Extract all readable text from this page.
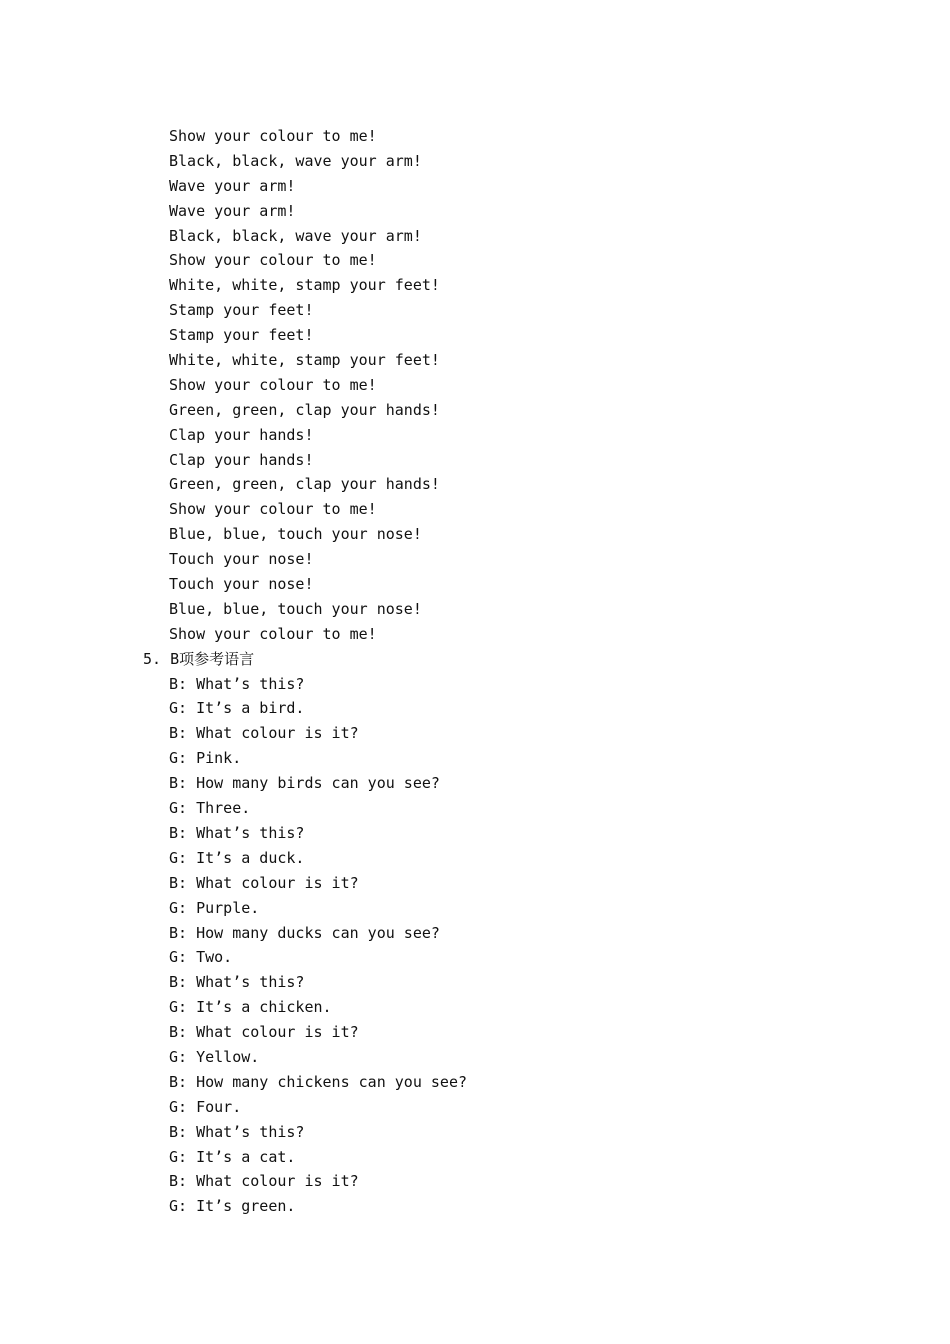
Show your colour to me!
Black, black, wave your arm!
Wave your arm!
Wave your arm!
Black, black, wave your arm!
Show your colour to me!
White, white, stamp your feet!
Stamp your feet!
Stamp your feet!
White, white, stamp your feet!
Show your colour to me!
Green, green, clap your hands!
Clap your hands!
Clap your hands!
Green, green, clap your hands!
Show your colour to me!
Blue, blue, touch your nose!
Touch your nose!
Touch your nose!
Blue, blue, touch your nose!
Show your colour to me!
5. B项参考语言
B: What’s this?
G: It’s a bird.
B: What colour is it?
G: Pink.
B: How many birds can you see?
G: Three.
B: What’s this?
G: It’s a duck.
B: What colour is it?
G: Purple.
B: How many ducks can you see?
G: Two.
B: What’s this?
G: It’s a chicken.
B: What colour is it?
G: Yellow.
B: How many chickens can you see?
G: Four.
B: What’s this?
G: It’s a cat.
B: What colour is it?
G: It’s green.
